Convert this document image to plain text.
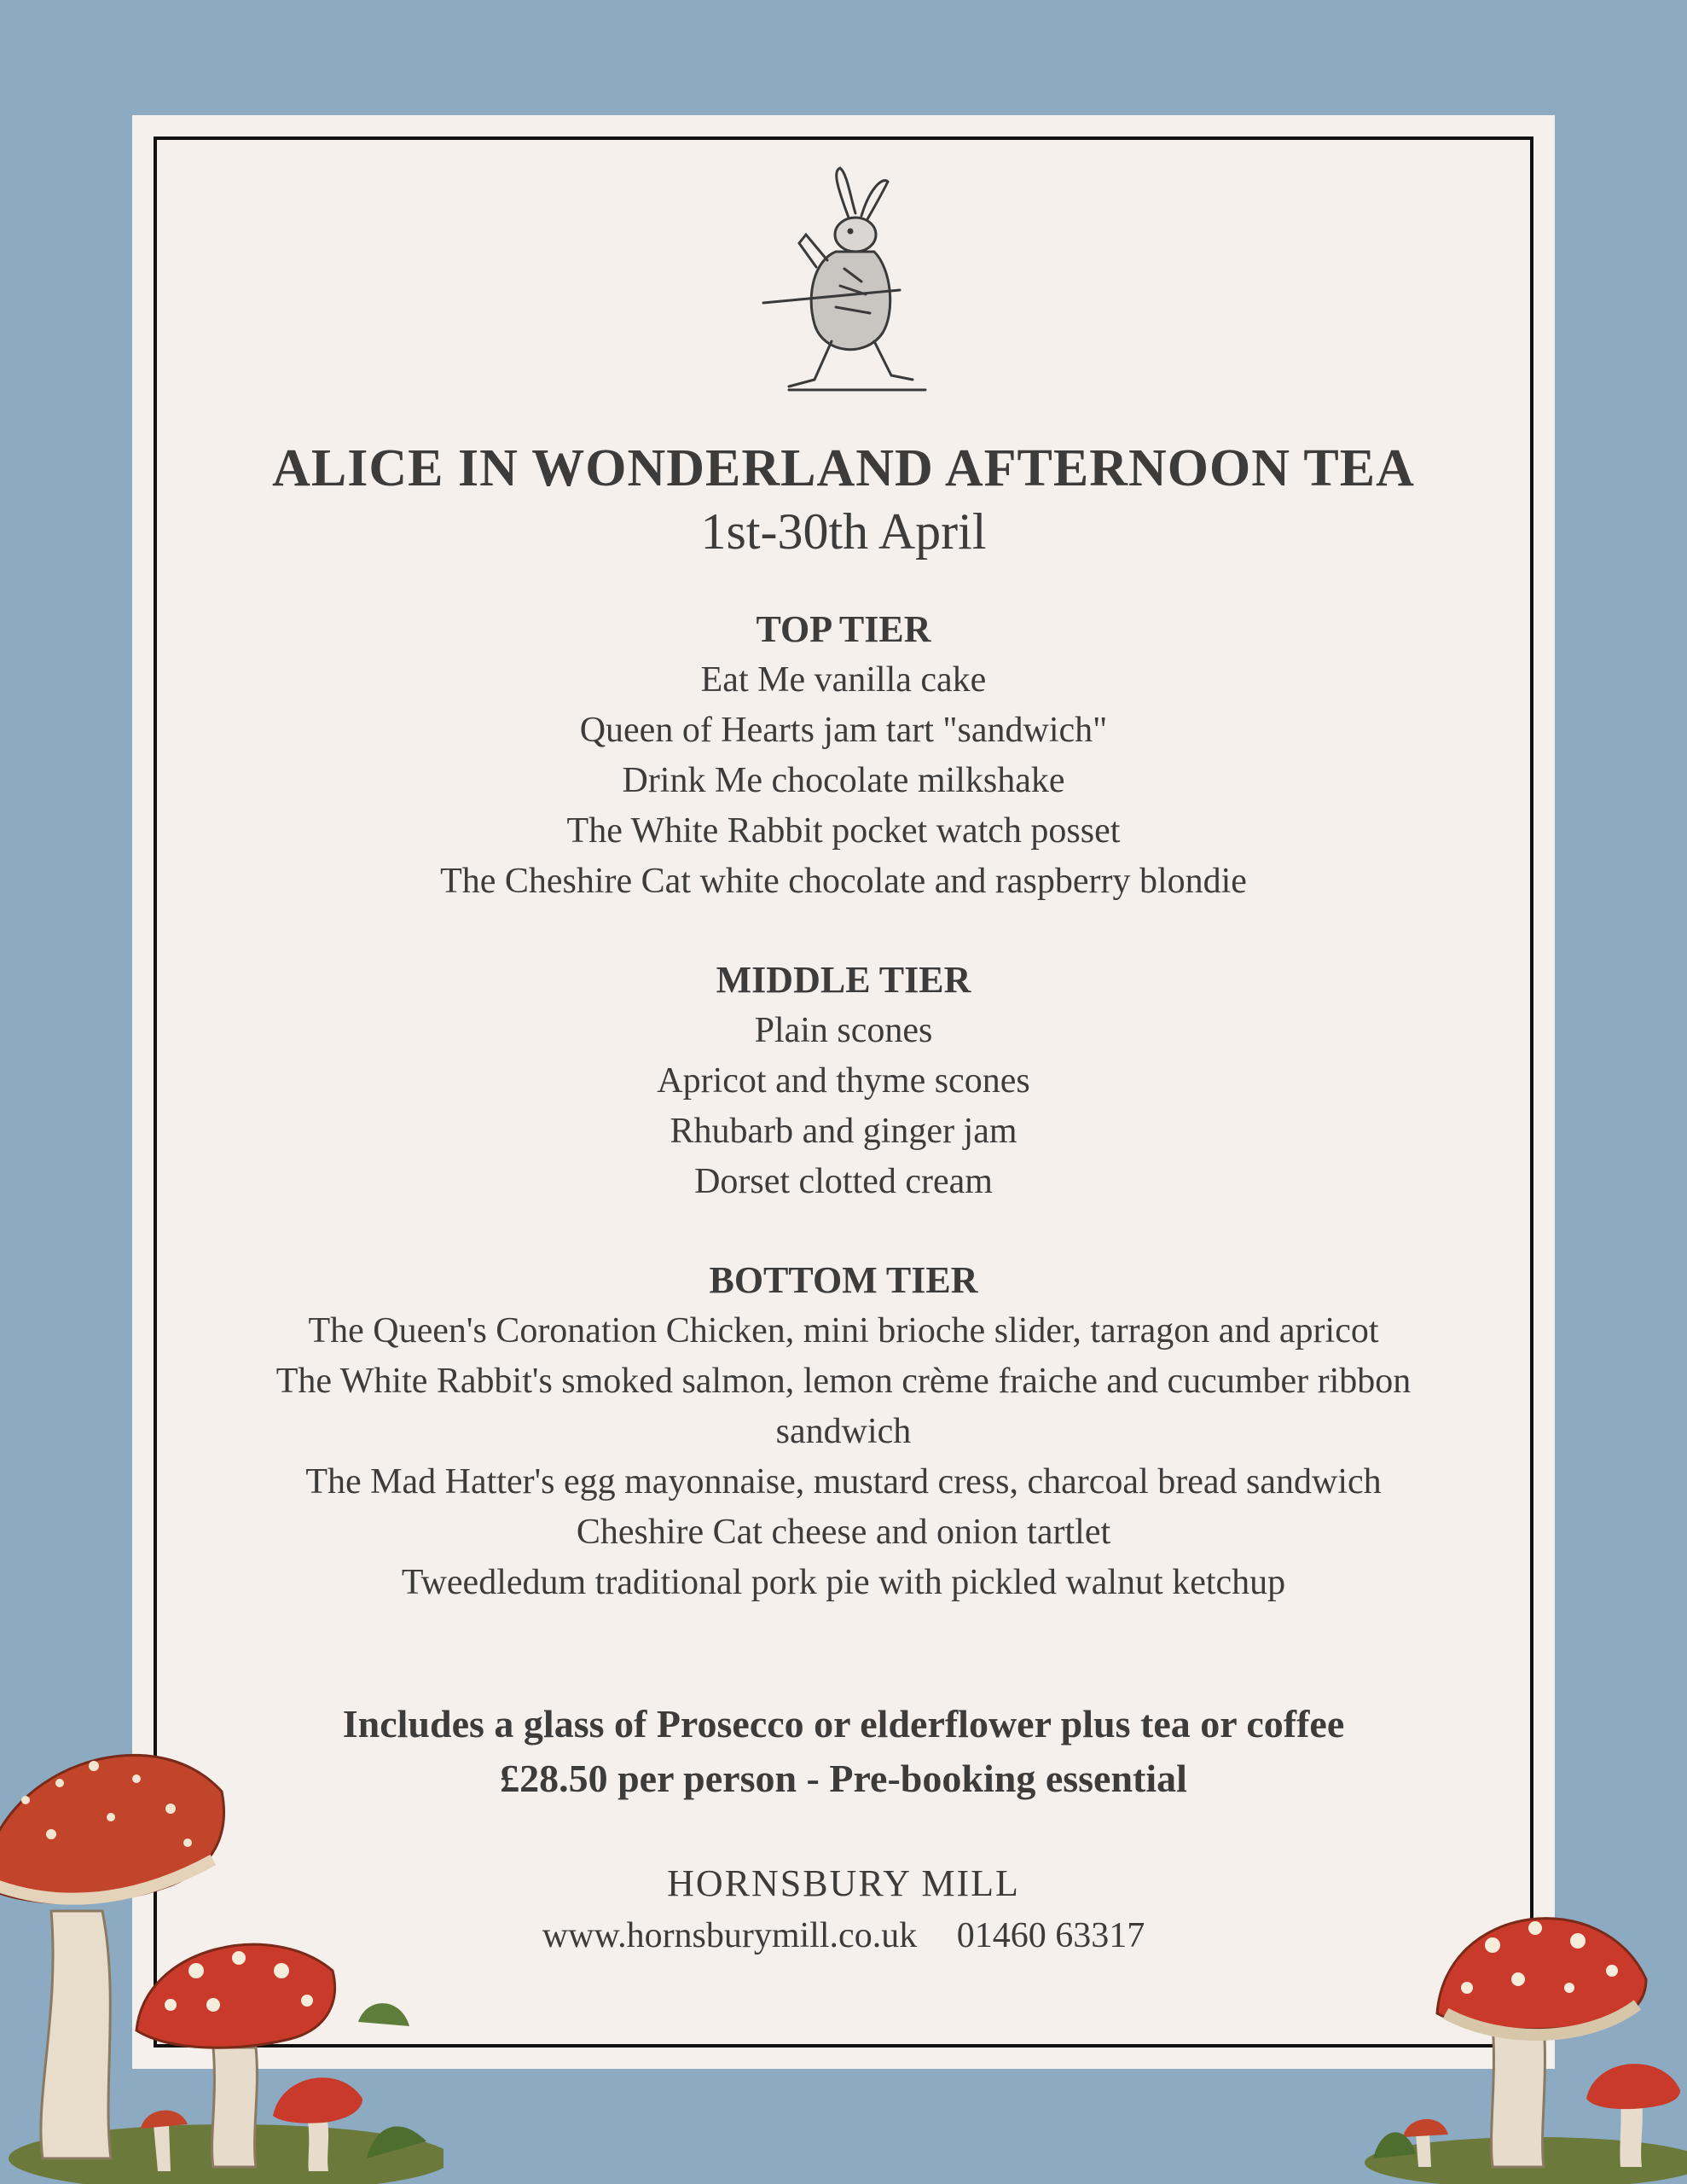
ALICE IN WONDERLAND AFTERNOON TEA

1st-30th April

TOP TIER
Eat Me vanilla cake
Queen of Hearts jam tart "sandwich"
Drink Me chocolate milkshake
The White Rabbit pocket watch posset
The Cheshire Cat white chocolate and raspberry blondie
MIDDLE TIER
Plain scones
Apricot and thyme scones
Rhubarb and ginger jam
Dorset clotted cream
BOTTOM TIER
The Queen's Coronation Chicken, mini brioche slider, tarragon and apricot
The White Rabbit's smoked salmon, lemon crème fraiche and cucumber ribbon sandwich
The Mad Hatter's egg mayonnaise, mustard cress, charcoal bread sandwich
Cheshire Cat cheese and onion tartlet
Tweedledum traditional pork pie with pickled walnut ketchup
Includes a glass of Prosecco or elderflower plus tea or coffee
£28.50 per person - Pre-booking essential
HORNSBURY MILL
www.hornsburymill.co.uk 01460 63317
